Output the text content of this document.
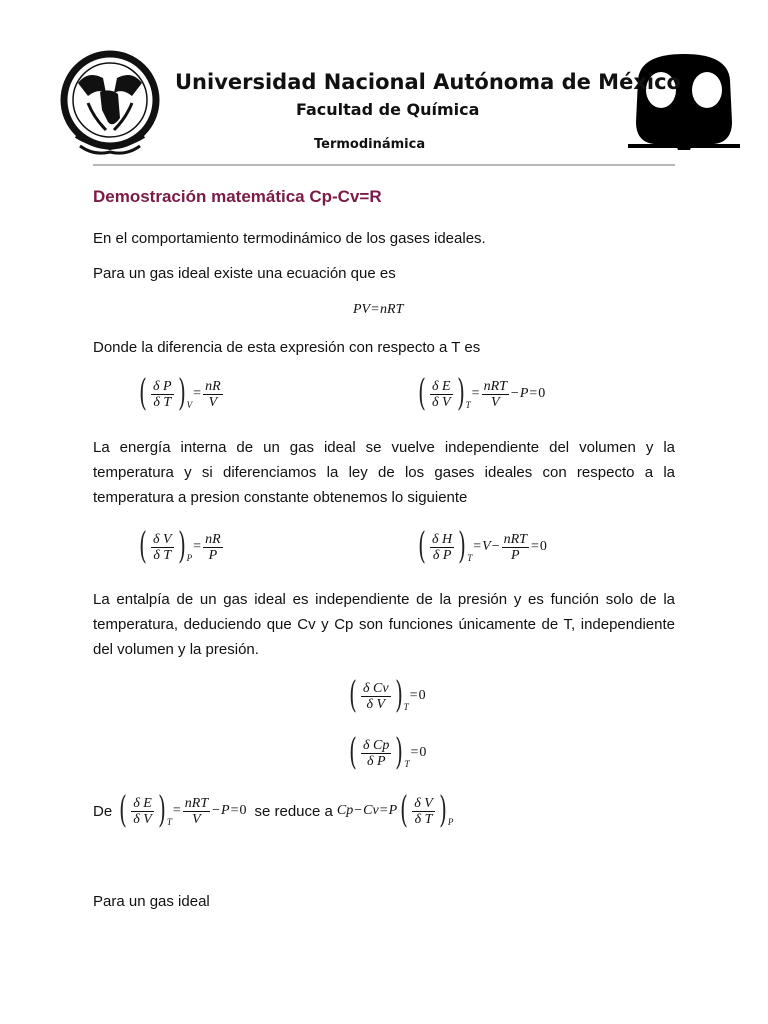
Universidad Nacional Autónoma de México
Facultad de Química
Termodinámica
Demostración matemática Cp-Cv=R
En el comportamiento termodinámico de los gases ideales.
Para un gas ideal existe una ecuación que es
PV = nRT
Donde la diferencia de esta expresión con respecto a T es
( $\frac{\text{δ P}}{\text{δ T}}$ ) V
= $\frac{nR}{V}$	( $\frac{\text{δ E}}{\text{δ V}}$ ) T
= $\frac{\text{nRT}}{V} - P = 0$
La energía interna de un gas ideal se vuelve independiente del volumen y la temperatura y si diferenciamos la ley de los gases ideales con respecto a la temperatura a presion constante obtenemos lo siguiente
( $\frac{\text{δ V}}{\text{δ T}}$ ) P
= $\frac{nR}{P}$	( $\frac{\text{δ H}}{\text{δ P}}$ ) T
= $V - \frac{\text{nRT}}{P} = 0$
La entalpía de un gas ideal es independiente de la presión y es función solo de la temperatura, deduciendo que Cv y Cp son funciones únicamente de T, independiente del volumen y la presión.
( $\frac{\text{δ Cv}}{\text{δ V}}$ ) T
= 0
( $\frac{\text{δ Cp}}{\text{δ P}}$ ) T
= 0
De ( $\frac{\text{δ E}}{\text{δ V}}$ ) T
= $\frac{\text{nRT}}{V} - P = 0$ se reduce a Cp − Cv = P ( $\frac{\text{δ V}}{\text{δ T}}$ ) P
Para un gas ideal
